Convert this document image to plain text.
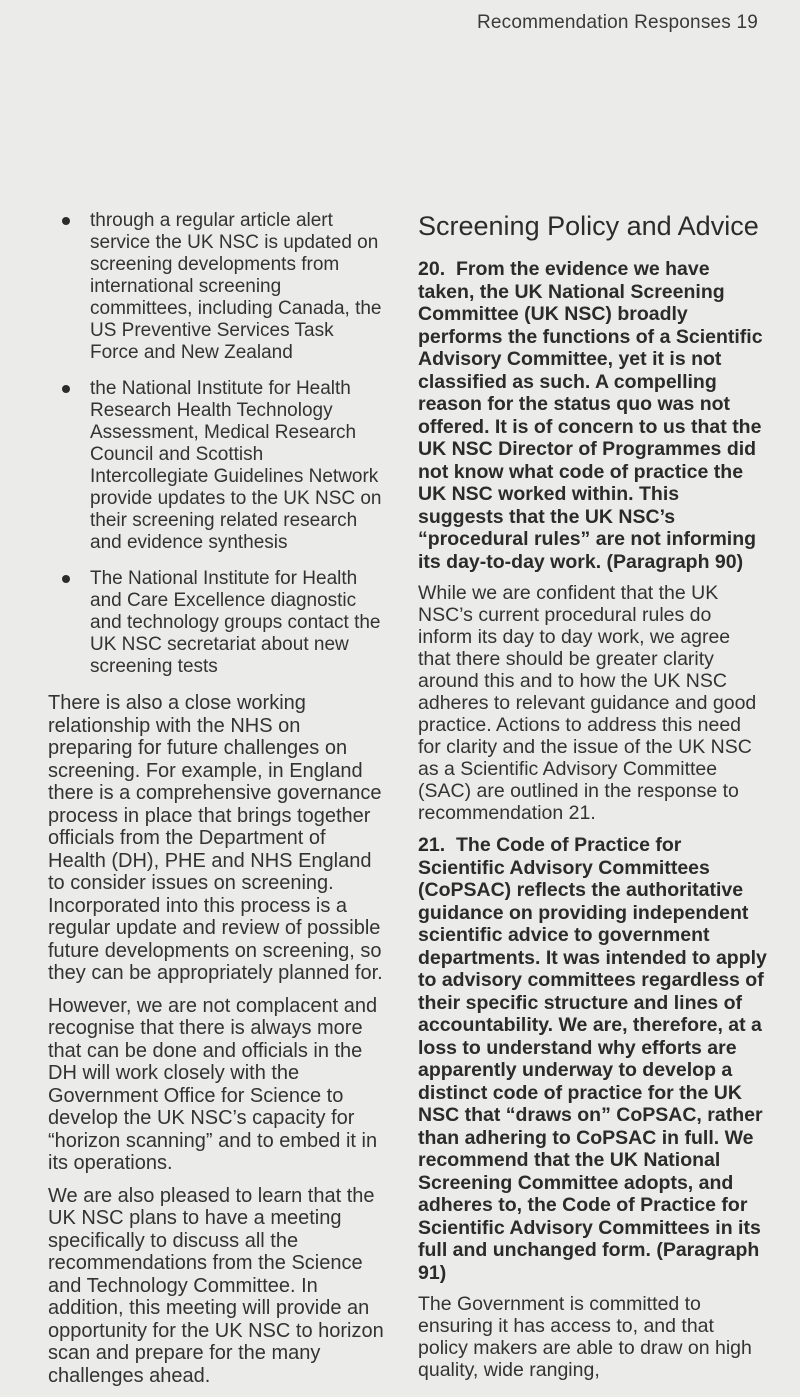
Recommendation Responses 19
through a regular article alert service the UK NSC is updated on screening developments from international screening committees, including Canada, the US Preventive Services Task Force and New Zealand
the National Institute for Health Research Health Technology Assessment, Medical Research Council and Scottish Intercollegiate Guidelines Network provide updates to the UK NSC on their screening related research and evidence synthesis
The National Institute for Health and Care Excellence diagnostic and technology groups contact the UK NSC secretariat about new screening tests

There is also a close working relationship with the NHS on preparing for future challenges on screening. For example, in England there is a comprehensive governance process in place that brings together officials from the Department of Health (DH), PHE and NHS England to consider issues on screening. Incorporated into this process is a regular update and review of possible future developments on screening, so they can be appropriately planned for.

However, we are not complacent and recognise that there is always more that can be done and officials in the DH will work closely with the Government Office for Science to develop the UK NSC’s capacity for “horizon scanning” and to embed it in its operations.

We are also pleased to learn that the UK NSC plans to have a meeting specifically to discuss all the recommendations from the Science and Technology Committee. In addition, this meeting will provide an opportunity for the UK NSC to horizon scan and prepare for the many challenges ahead.

Screening Policy and Advice

20. From the evidence we have taken, the UK National Screening Committee (UK NSC) broadly performs the functions of a Scientific Advisory Committee, yet it is not classified as such. A compelling reason for the status quo was not offered. It is of concern to us that the UK NSC Director of Programmes did not know what code of practice the UK NSC worked within. This suggests that the UK NSC’s “procedural rules” are not informing its day-to-day work. (Paragraph 90)

While we are confident that the UK NSC’s current procedural rules do inform its day to day work, we agree that there should be greater clarity around this and to how the UK NSC adheres to relevant guidance and good practice. Actions to address this need for clarity and the issue of the UK NSC as a Scientific Advisory Committee (SAC) are outlined in the response to recommendation 21.

21. The Code of Practice for Scientific Advisory Committees (CoPSAC) reflects the authoritative guidance on providing independent scientific advice to government departments. It was intended to apply to advisory committees regardless of their specific structure and lines of accountability. We are, therefore, at a loss to understand why efforts are apparently underway to develop a distinct code of practice for the UK NSC that “draws on” CoPSAC, rather than adhering to CoPSAC in full. We recommend that the UK National Screening Committee adopts, and adheres to, the Code of Practice for Scientific Advisory Committees in its full and unchanged form. (Paragraph 91)

The Government is committed to ensuring it has access to, and that policy makers are able to draw on high quality, wide ranging,
